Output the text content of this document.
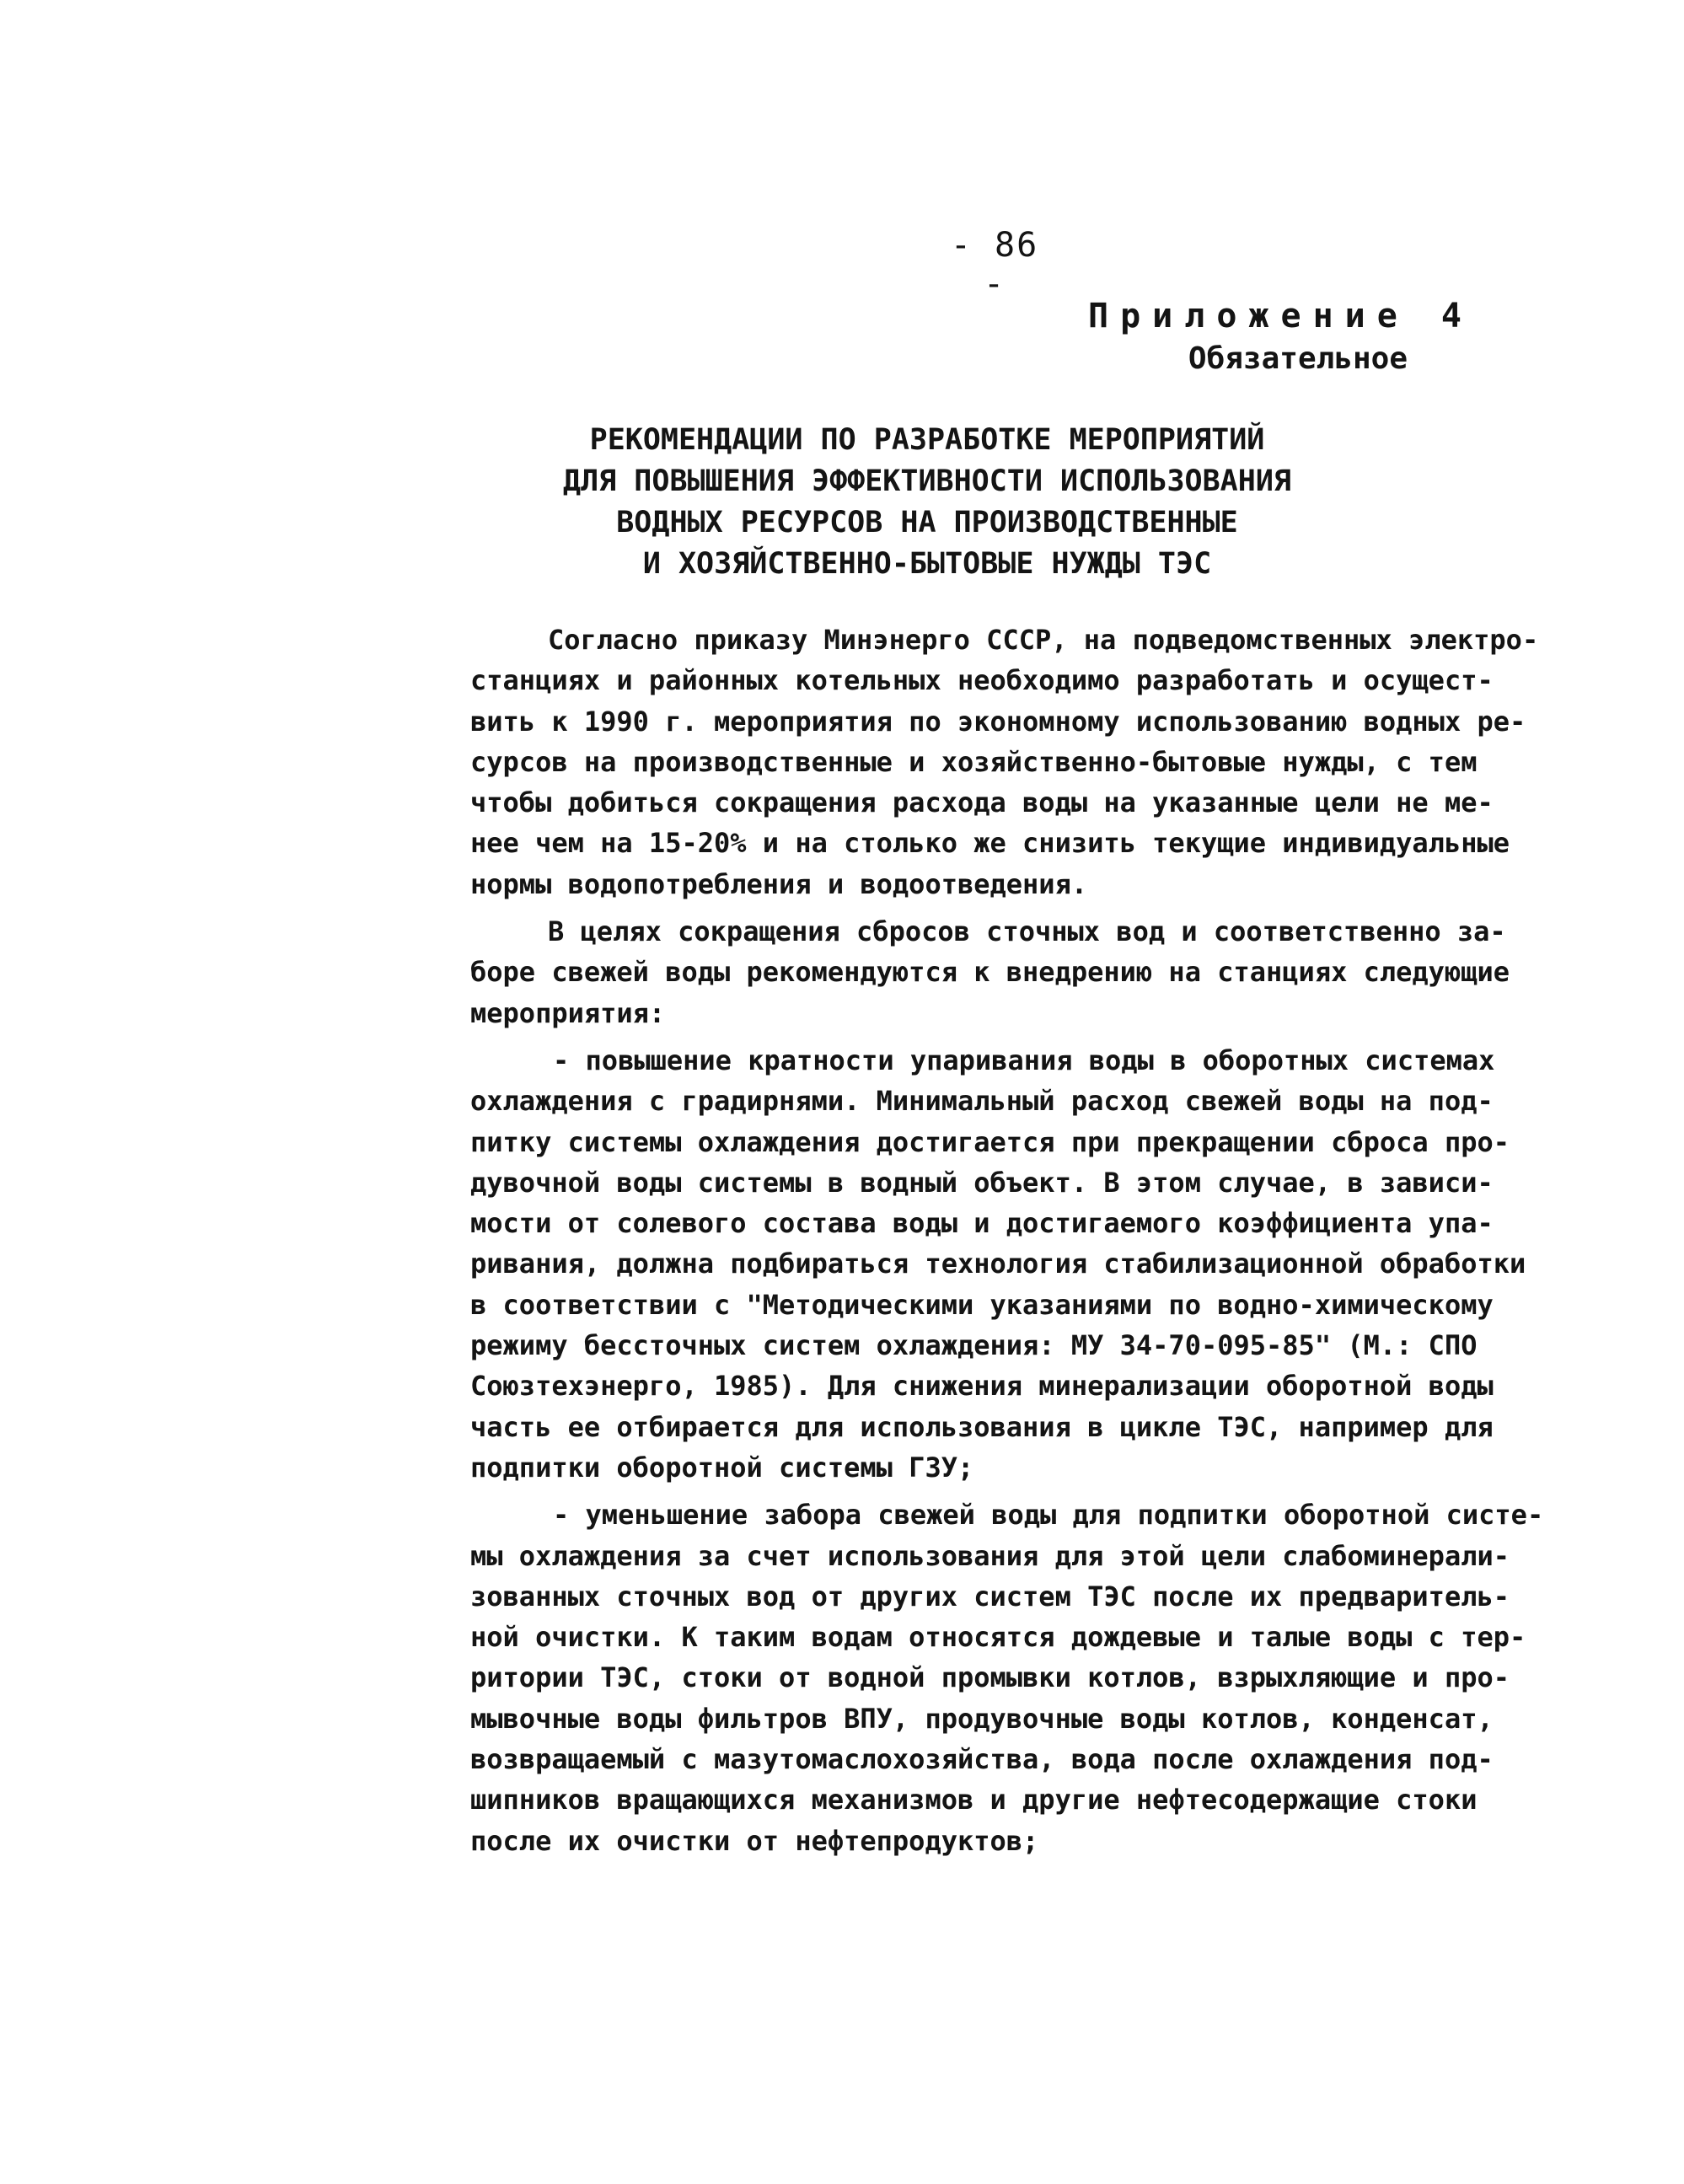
- 86 -
Приложение 4
Обязательное
РЕКОМЕНДАЦИИ ПО РАЗРАБОТКЕ МЕРОПРИЯТИЙ
ДЛЯ ПОВЫШЕНИЯ ЭФФЕКТИВНОСТИ ИСПОЛЬЗОВАНИЯ
ВОДНЫХ РЕСУРСОВ НА ПРОИЗВОДСТВЕННЫЕ
И ХОЗЯЙСТВЕННО-БЫТОВЫЕ НУЖДЫ ТЭС
Согласно приказу Минэнерго СССР, на подведомственных электро-
станциях и районных котельных необходимо разработать и осущест-
вить к 1990 г. мероприятия по экономному использованию водных ре-
сурсов на производственные и хозяйственно-бытовые нужды, с тем
чтобы добиться сокращения расхода воды на указанные цели не ме-
нее чем на 15-20% и на столько же снизить текущие индивидуальные
нормы водопотребления и водоотведения.
В целях сокращения сбросов сточных вод и соответственно за-
боре свежей воды рекомендуются к внедрению на станциях следующие
мероприятия:
- повышение кратности упаривания воды в оборотных системах
охлаждения с градирнями. Минимальный расход свежей воды на под-
питку системы охлаждения достигается при прекращении сброса про-
дувочной воды системы в водный объект. В этом случае, в зависи-
мости от солевого состава воды и достигаемого коэффициента упа-
ривания, должна подбираться технология стабилизационной обработки
в соответствии с "Методическими указаниями по водно-химическому
режиму бессточных систем охлаждения: МУ 34-70-095-85" (М.: СПО
Союзтехэнерго, 1985). Для снижения минерализации оборотной воды
часть ее отбирается для использования в цикле ТЭС, например для
подпитки оборотной системы ГЗУ;
- уменьшение забора свежей воды для подпитки оборотной систе-
мы охлаждения за счет использования для этой цели слабоминерали-
зованных сточных вод от других систем ТЭС после их предваритель-
ной очистки. К таким водам относятся дождевые и талые воды с тер-
ритории ТЭС, стоки от водной промывки котлов, взрыхляющие и про-
мывочные воды фильтров ВПУ, продувочные воды котлов, конденсат,
возвращаемый с мазутомаслохозяйства, вода после охлаждения под-
шипников вращающихся механизмов и другие нефтесодержащие стоки
после их очистки от нефтепродуктов;
